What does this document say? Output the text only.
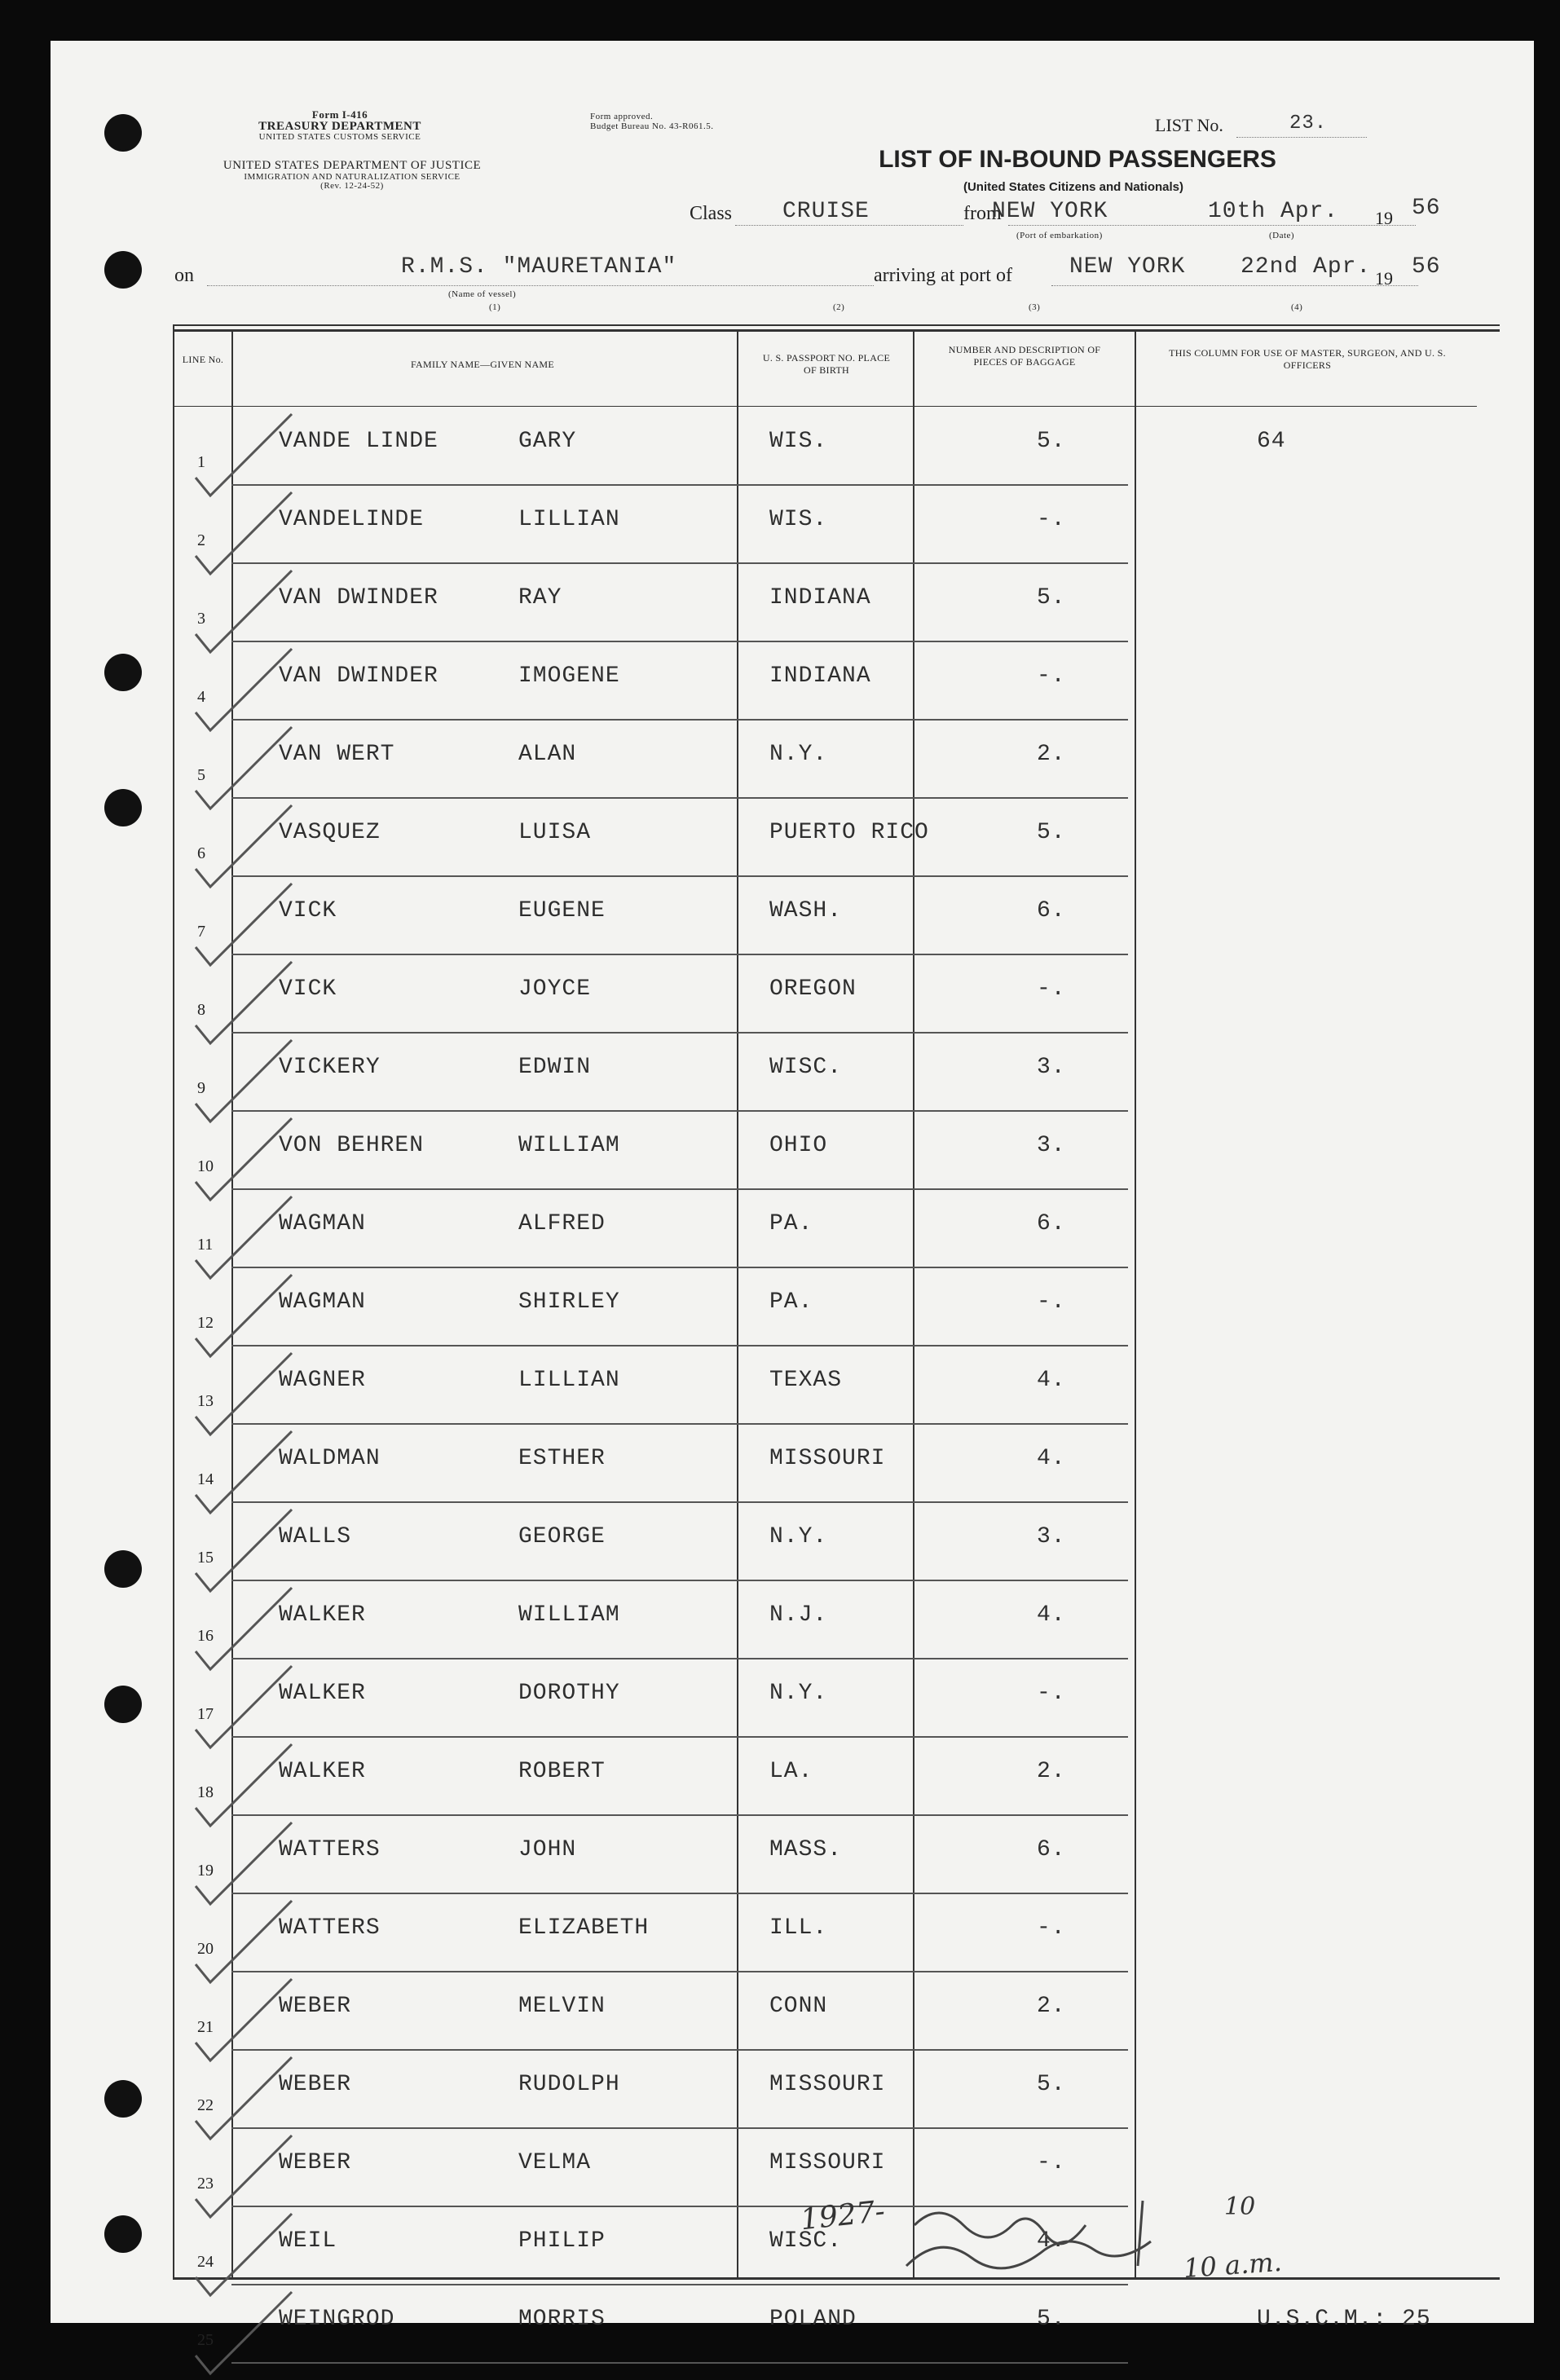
Form I-416
TREASURY DEPARTMENT
UNITED STATES CUSTOMS SERVICE
UNITED STATES DEPARTMENT OF JUSTICE
IMMIGRATION AND NATURALIZATION SERVICE
(Rev. 12-24-52)
Form approved.
Budget Bureau No. 43-R061.5.	LIST No.	23.
LIST OF IN-BOUND PASSENGERS
(United States Citizens and Nationals)
Class CRUISE	from
NEW YORK	10th Apr. 19 56
(Port of embarkation)	(Date)
on	R.M.S. "MAURETANIA"
(Name of vessel)
arriving at port of	NEW YORK 22nd Apr. 19 56
(1)	(2)	(3)	(4)
LINE No.	FAMILY NAME—GIVEN NAME
U. S. PASSPORT NO. PLACE OF BIRTH
NUMBER AND DESCRIPTION OF PIECES OF BAGGAGE
THIS COLUMN FOR USE OF MASTER, SURGEON, AND U. S. OFFICERS
1
VANDE LINDE	GARY	WIS.	5.	64
2
VANDELINDE	LILLIAN	WIS.	-.
3
VAN DWINDER	RAY	INDIANA	5.
4
VAN DWINDER	IMOGENE	INDIANA	-.
5
VAN WERT	ALAN	N.Y.	2.
6
VASQUEZ	LUISA	PUERTO RICO	5.
7
VICK	EUGENE	WASH.	6.
8
VICK	JOYCE	OREGON	-.
9
VICKERY	EDWIN	WISC.	3.
10
VON BEHREN	WILLIAM	OHIO	3.
11
WAGMAN	ALFRED	PA.	6.
12
WAGMAN	SHIRLEY	PA.	-.
13
WAGNER	LILLIAN	TEXAS	4.
14
WALDMAN	ESTHER	MISSOURI	4.
15
WALLS	GEORGE	N.Y.	3.
16
WALKER	WILLIAM	N.J.	4.
17
WALKER	DOROTHY	N.Y.	-.
18
WALKER	ROBERT	LA.	2.
19
WATTERS	JOHN	MASS.	6.
20
WATTERS	ELIZABETH	ILL.	-.
21
WEBER	MELVIN	CONN	2.
22
WEBER	RUDOLPH	MISSOURI	5.
23
WEBER	VELMA	MISSOURI	-.
24
WEIL	PHILIP	WISC.	4.
25
WEINGROD	MORRIS	POLAND	5.	U.S.C.M.: 25
1927-	10
10 a.m.
